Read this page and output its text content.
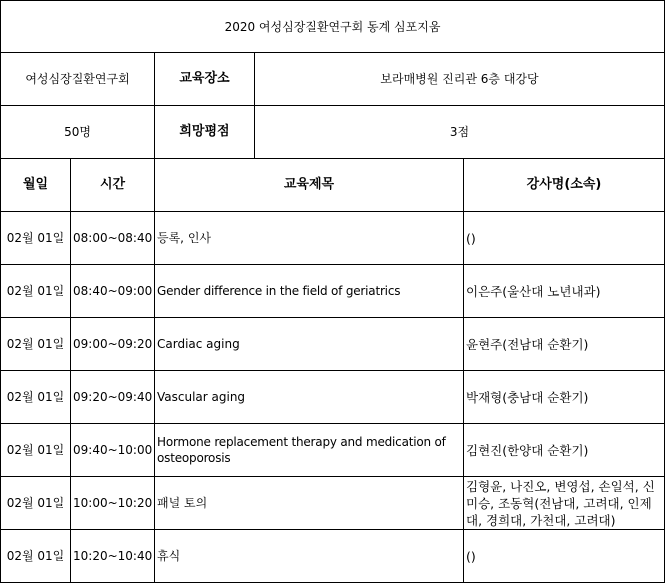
2020 여성심장질환연구회 동계 심포지움				
여성심장질환연구회		교육장소	보라매병원 진리관 6층 대강당	
50명		희망평점	3점	
월일	시간	교육제목		강사명(소속)
02월 01일	08:00~08:40	등록, 인사		()
02월 01일	08:40~09:00	Gender difference in the field of geriatrics		이은주(울산대 노년내과)
02월 01일	09:00~09:20	Cardiac aging		윤현주(전남대 순환기)
02월 01일	09:20~09:40	Vascular aging		박재형(충남대 순환기)
02월 01일	09:40~10:00	Hormone replacement therapy and medication of osteoporosis		김현진(한양대 순환기)
02월 01일	10:00~10:20	패널 토의		김형윤, 나진오, 변영섭, 손일석, 신미승, 조동혁(전남대, 고려대, 인제대, 경희대, 가천대, 고려대)
02월 01일	10:20~10:40	휴식		()
